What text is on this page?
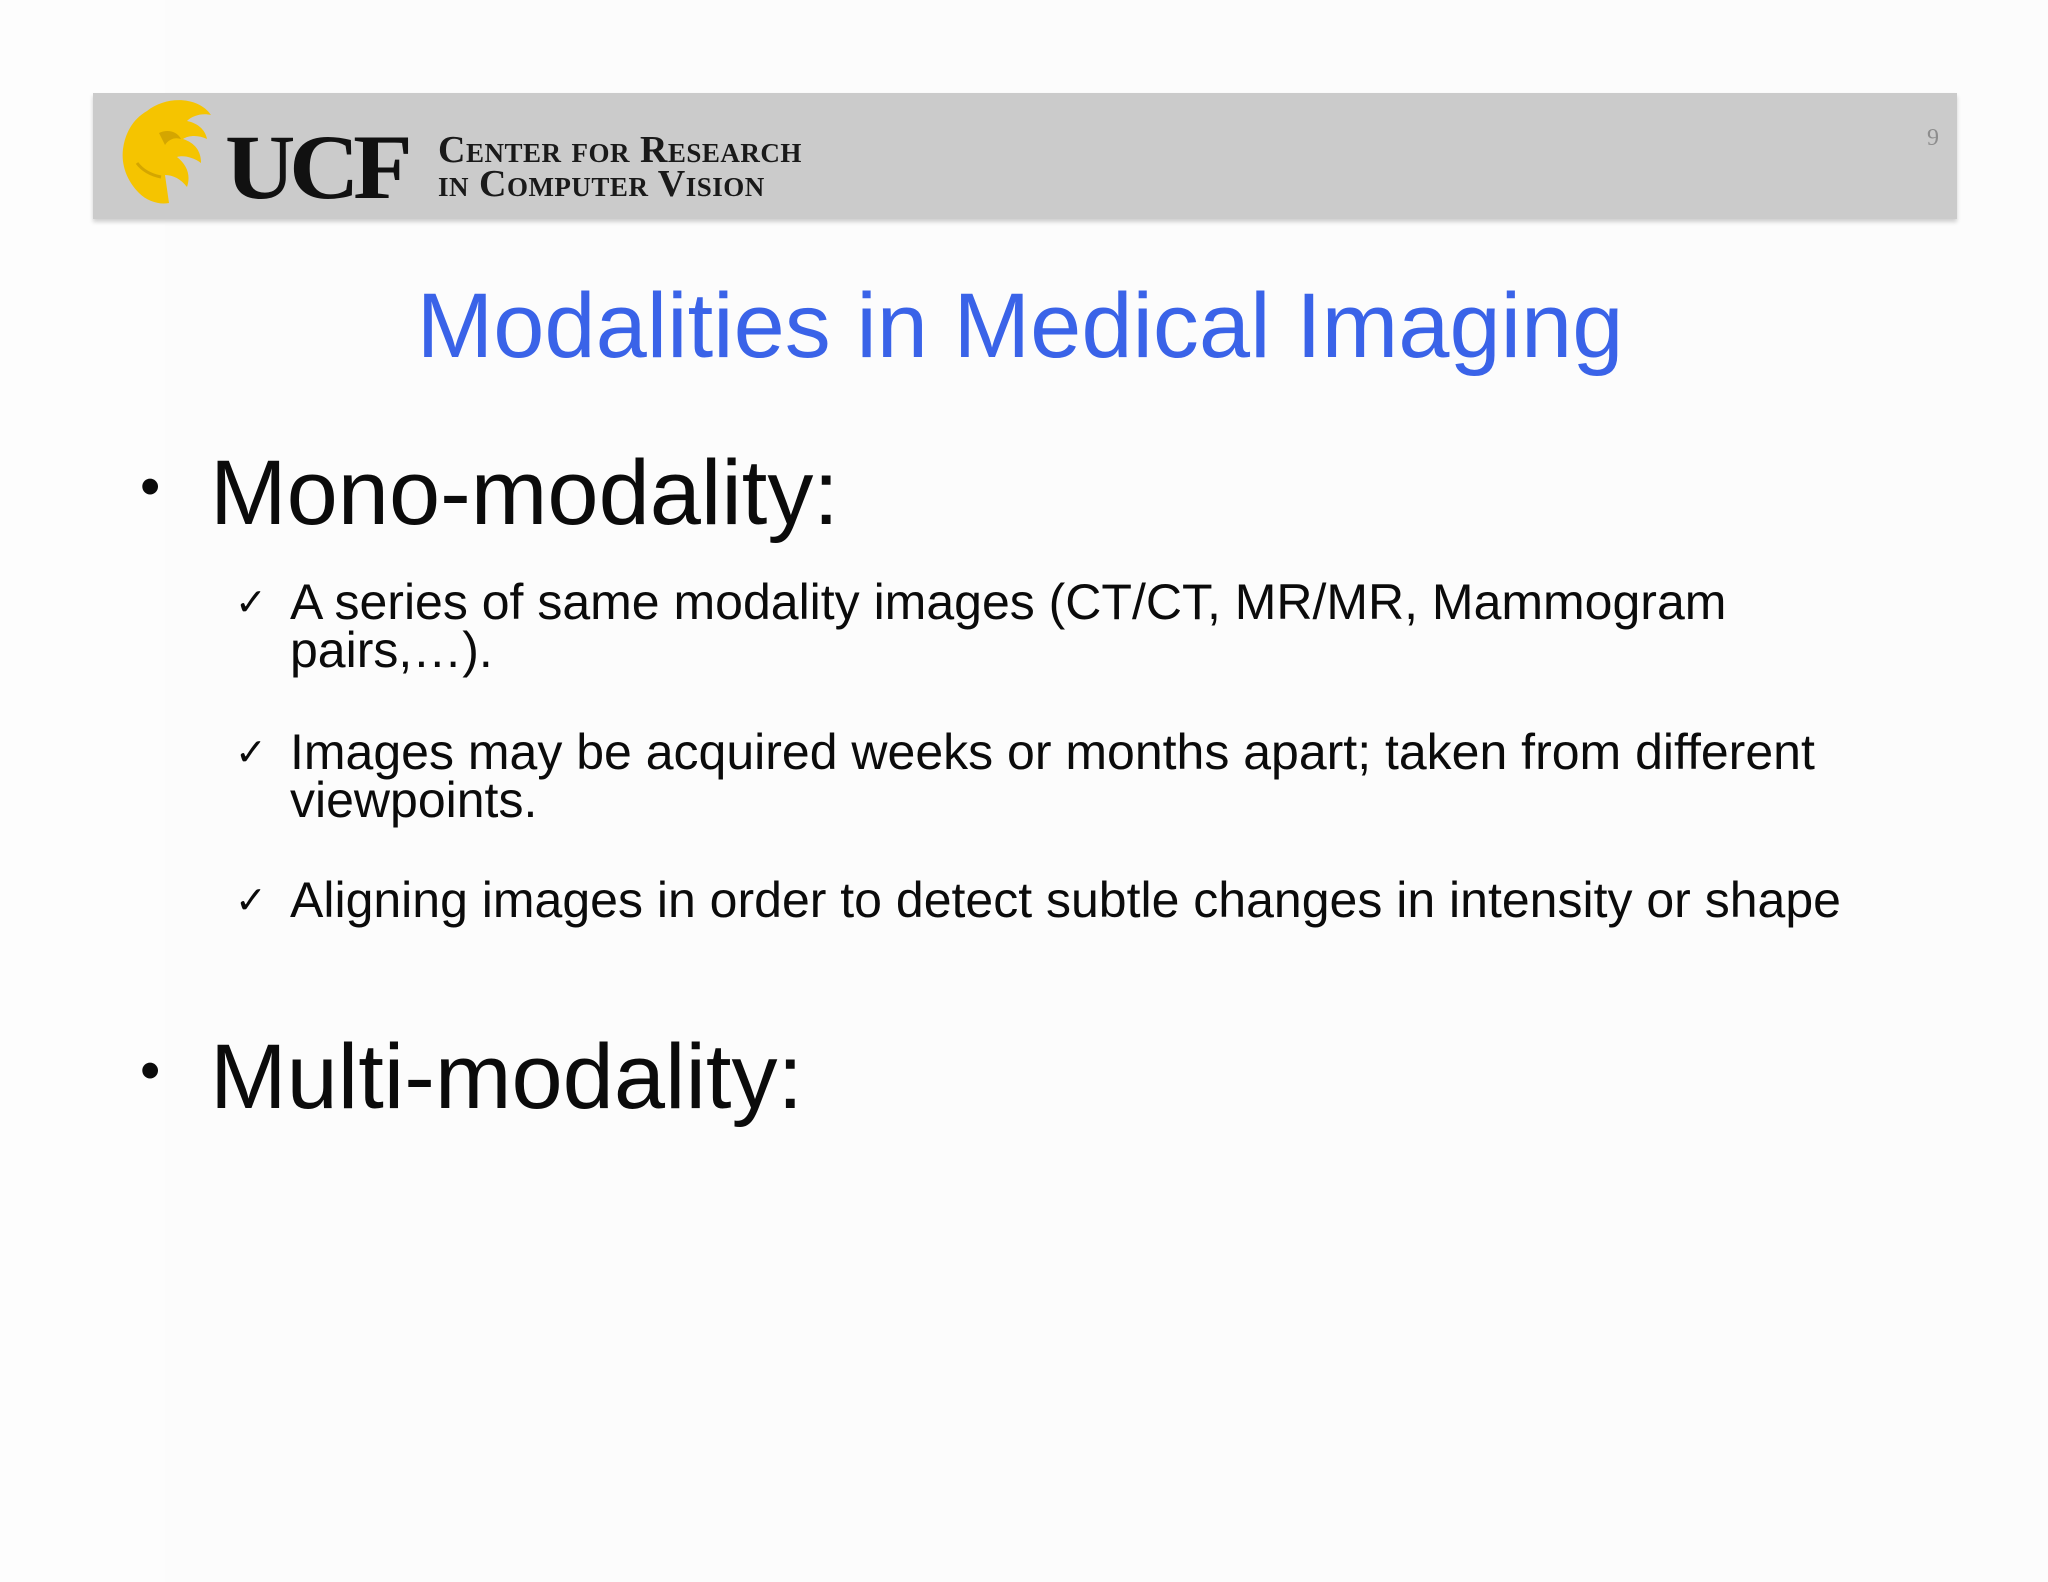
UCF Center for Research
in Computer Vision
9
Modalities in Medical Imaging
• Mono-modality:
✓ A series of same modality images (CT/CT, MR/MR, Mammogram pairs,…).
✓ Images may be acquired weeks or months apart; taken from different viewpoints.
✓ Aligning images in order to detect subtle changes in intensity or shape
• Multi-modality:
